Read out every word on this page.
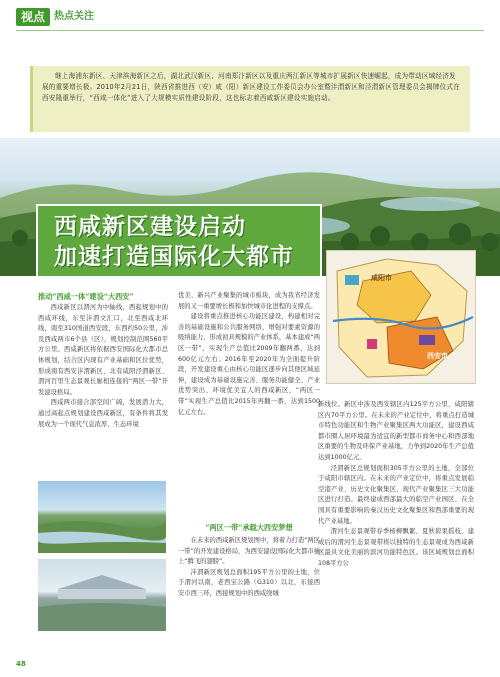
视点 热点关注

继上海浦东新区、天津滨海新区之后，湖北武汉新区、河南郑汴新区以及重庆两江新区等城市扩展新区快速崛起，成为带动区域经济发展的重要增长极。2010年2月21日，陕西省推进西（安）咸（阳）新区建设工作委员会办公室暨沣渭新区和泾渭新区管理委员会揭牌仪式在西安隆重举行，“西咸一体化”进入了大规模实质性建设阶段，这也标志着西咸新区建设实施启动。

西咸新区建设启动

加速打造国际化大都市

咸阳市
西安市
推动“西咸一体”建设“大西安”

西咸新区以渭河为中轴线，西起规划中的西咸环线，东至沣渭文汇口，北至西咸北环线，南至310国道西安段，东西约50公里，涉及西咸两市6个县（区），规划控制范围560平方公里。西咸新区将依据西安国际化大都市总体规划，结合区内现有产业基础和区位优势，形成南有西安沣渭新区、北有咸阳泾渭新区、渭河百里生态景观长廊相连接的“两区一带”开发建设格局。

西咸两市接合部空间广阔，发展潜力大，通过高起点规划建设西咸新区，有条件将其发展成为一个现代气息浓厚、生态环境

优美、新兴产业聚集的城市板块，成为我省经济发展的又一重要增长极和加快城市化进程的支撑点。

建设将重点推进核心功能区建设，构建相对完善的基础设施和公共服务网络，增强对要素资源的吸纳能力，形成初具规模的产业体系，基本建成“两区一带”，实现生产总值比2009年翻两番，达到600亿元左右；2016年至2020年为全面提升阶段，开发建设重心由核心功能区逐步向其他区域延伸，建设成为基础设施完善、服务功能健全、产业优势突出、环境优美宜人的西咸新区，“两区一带”实现生产总值比2015年再翻一番，达到1500亿元左右。

“两区一带”承载大西安梦想

在未来的西咸新区规划图中，将着力打造“两区一带”的开发建设格局，为西安建设国际化大都市插上“腾飞的翅膀”。

沣渭新区规划总面积195平方公里的土地，位于渭河以南，老西宝公路（G310）以北，东接西安市西三环，西接规划中的西咸绕城

新线位。新区中涉及西安辖区内125平方公里、咸阳辖区内70平方公里。在未来的产业定位中，将重点打造城市特色功能区和生物产业聚集区两大功能区，建设西咸都市圈人居环境最为适宜的新型都市商务中心和西部地区重要的生物及环保产业基地，力争到2020年生产总值达到1000亿元。

泾渭新区总规划面积305平方公里的土地，全部位于咸阳市辖区内。在未来的产业定位中，将重点发展临空港产业、历史文化聚集区、现代产业聚集区三大功能区进行打造。最终建成西部最大的临空产业园区、在全国具有重要影响的秦汉历史文化聚集区和西部重要的现代产业基地。

渭河生态景观带春季杨柳飘絮、夏秋碧果摇枝，建成后的渭河生态景观带将以独特的生态景观成为西咸新区最具文化美丽的滨河功能特色区。该区域规划总面积108平方公

48
